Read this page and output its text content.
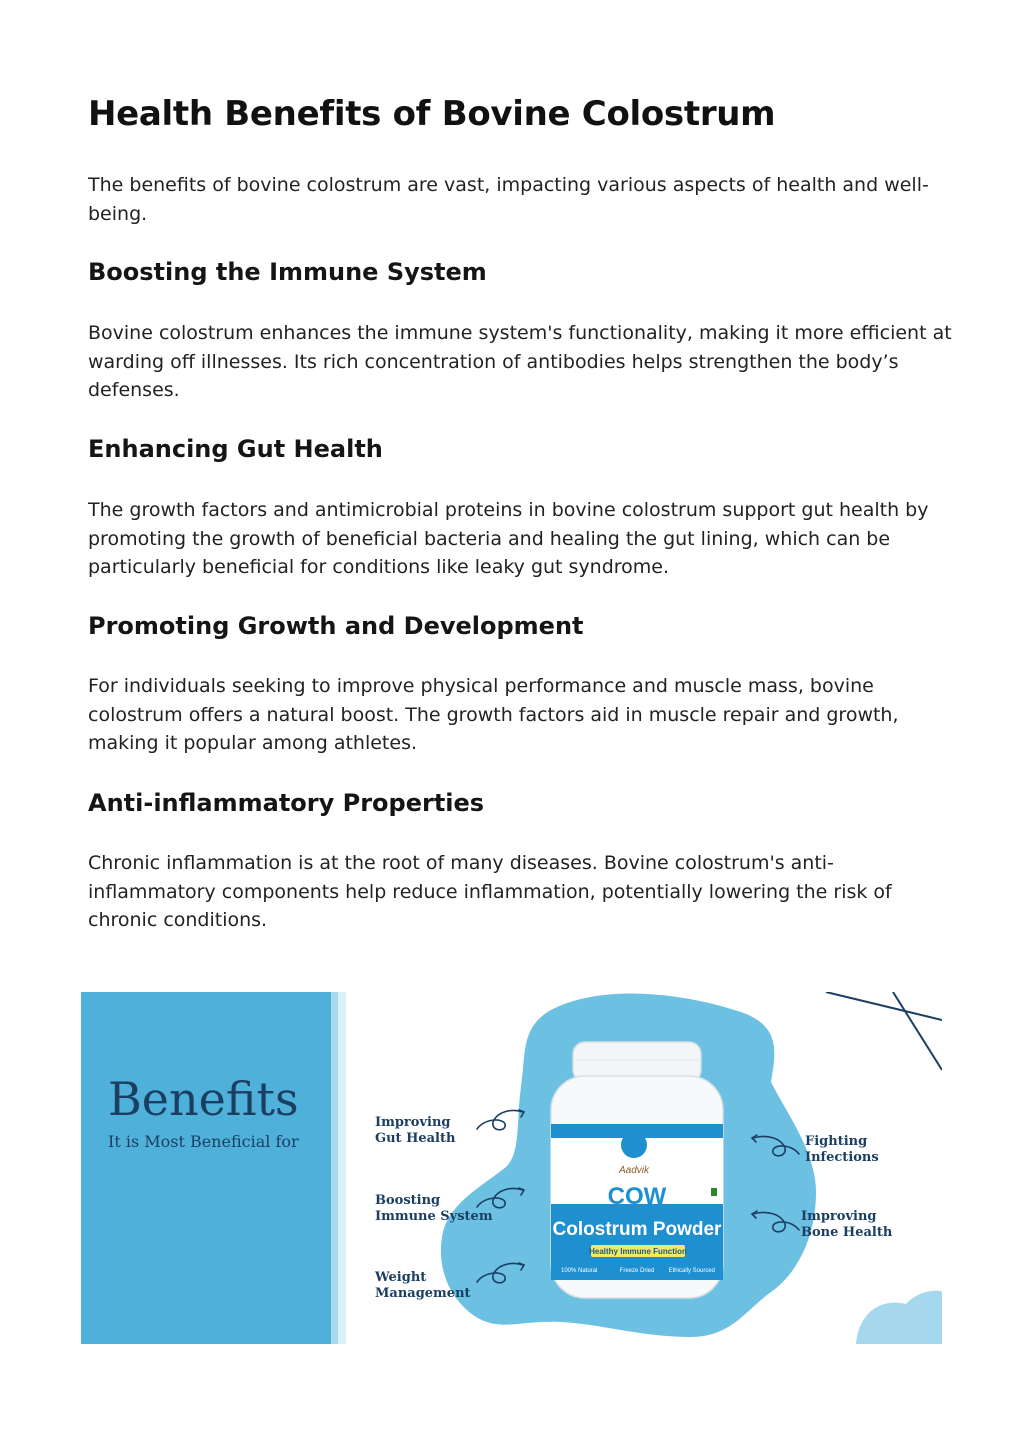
Health Benefits of Bovine Colostrum

The benefits of bovine colostrum are vast, impacting various aspects of health and well-being.

Boosting the Immune System

Bovine colostrum enhances the immune system's functionality, making it more efficient at warding off illnesses. Its rich concentration of antibodies helps strengthen the body’s defenses.

Enhancing Gut Health

The growth factors and antimicrobial proteins in bovine colostrum support gut health by promoting the growth of beneficial bacteria and healing the gut lining, which can be particularly beneficial for conditions like leaky gut syndrome.

Promoting Growth and Development

For individuals seeking to improve physical performance and muscle mass, bovine colostrum offers a natural boost. The growth factors aid in muscle repair and growth, making it popular among athletes.

Anti-inflammatory Properties

Chronic inflammation is at the root of many diseases. Bovine colostrum's anti-inflammatory components help reduce inflammation, potentially lowering the risk of chronic conditions.

Benefits

It is Most Beneficial for

Aadvik
COW
Colostrum Powder
Healthy Immune Function
100% Natural	Freeze Dried Ethically Sourced

Improving
Gut Health

Boosting
Immune System

Weight
Management

Fighting
Infections

Improving
Bone Health
